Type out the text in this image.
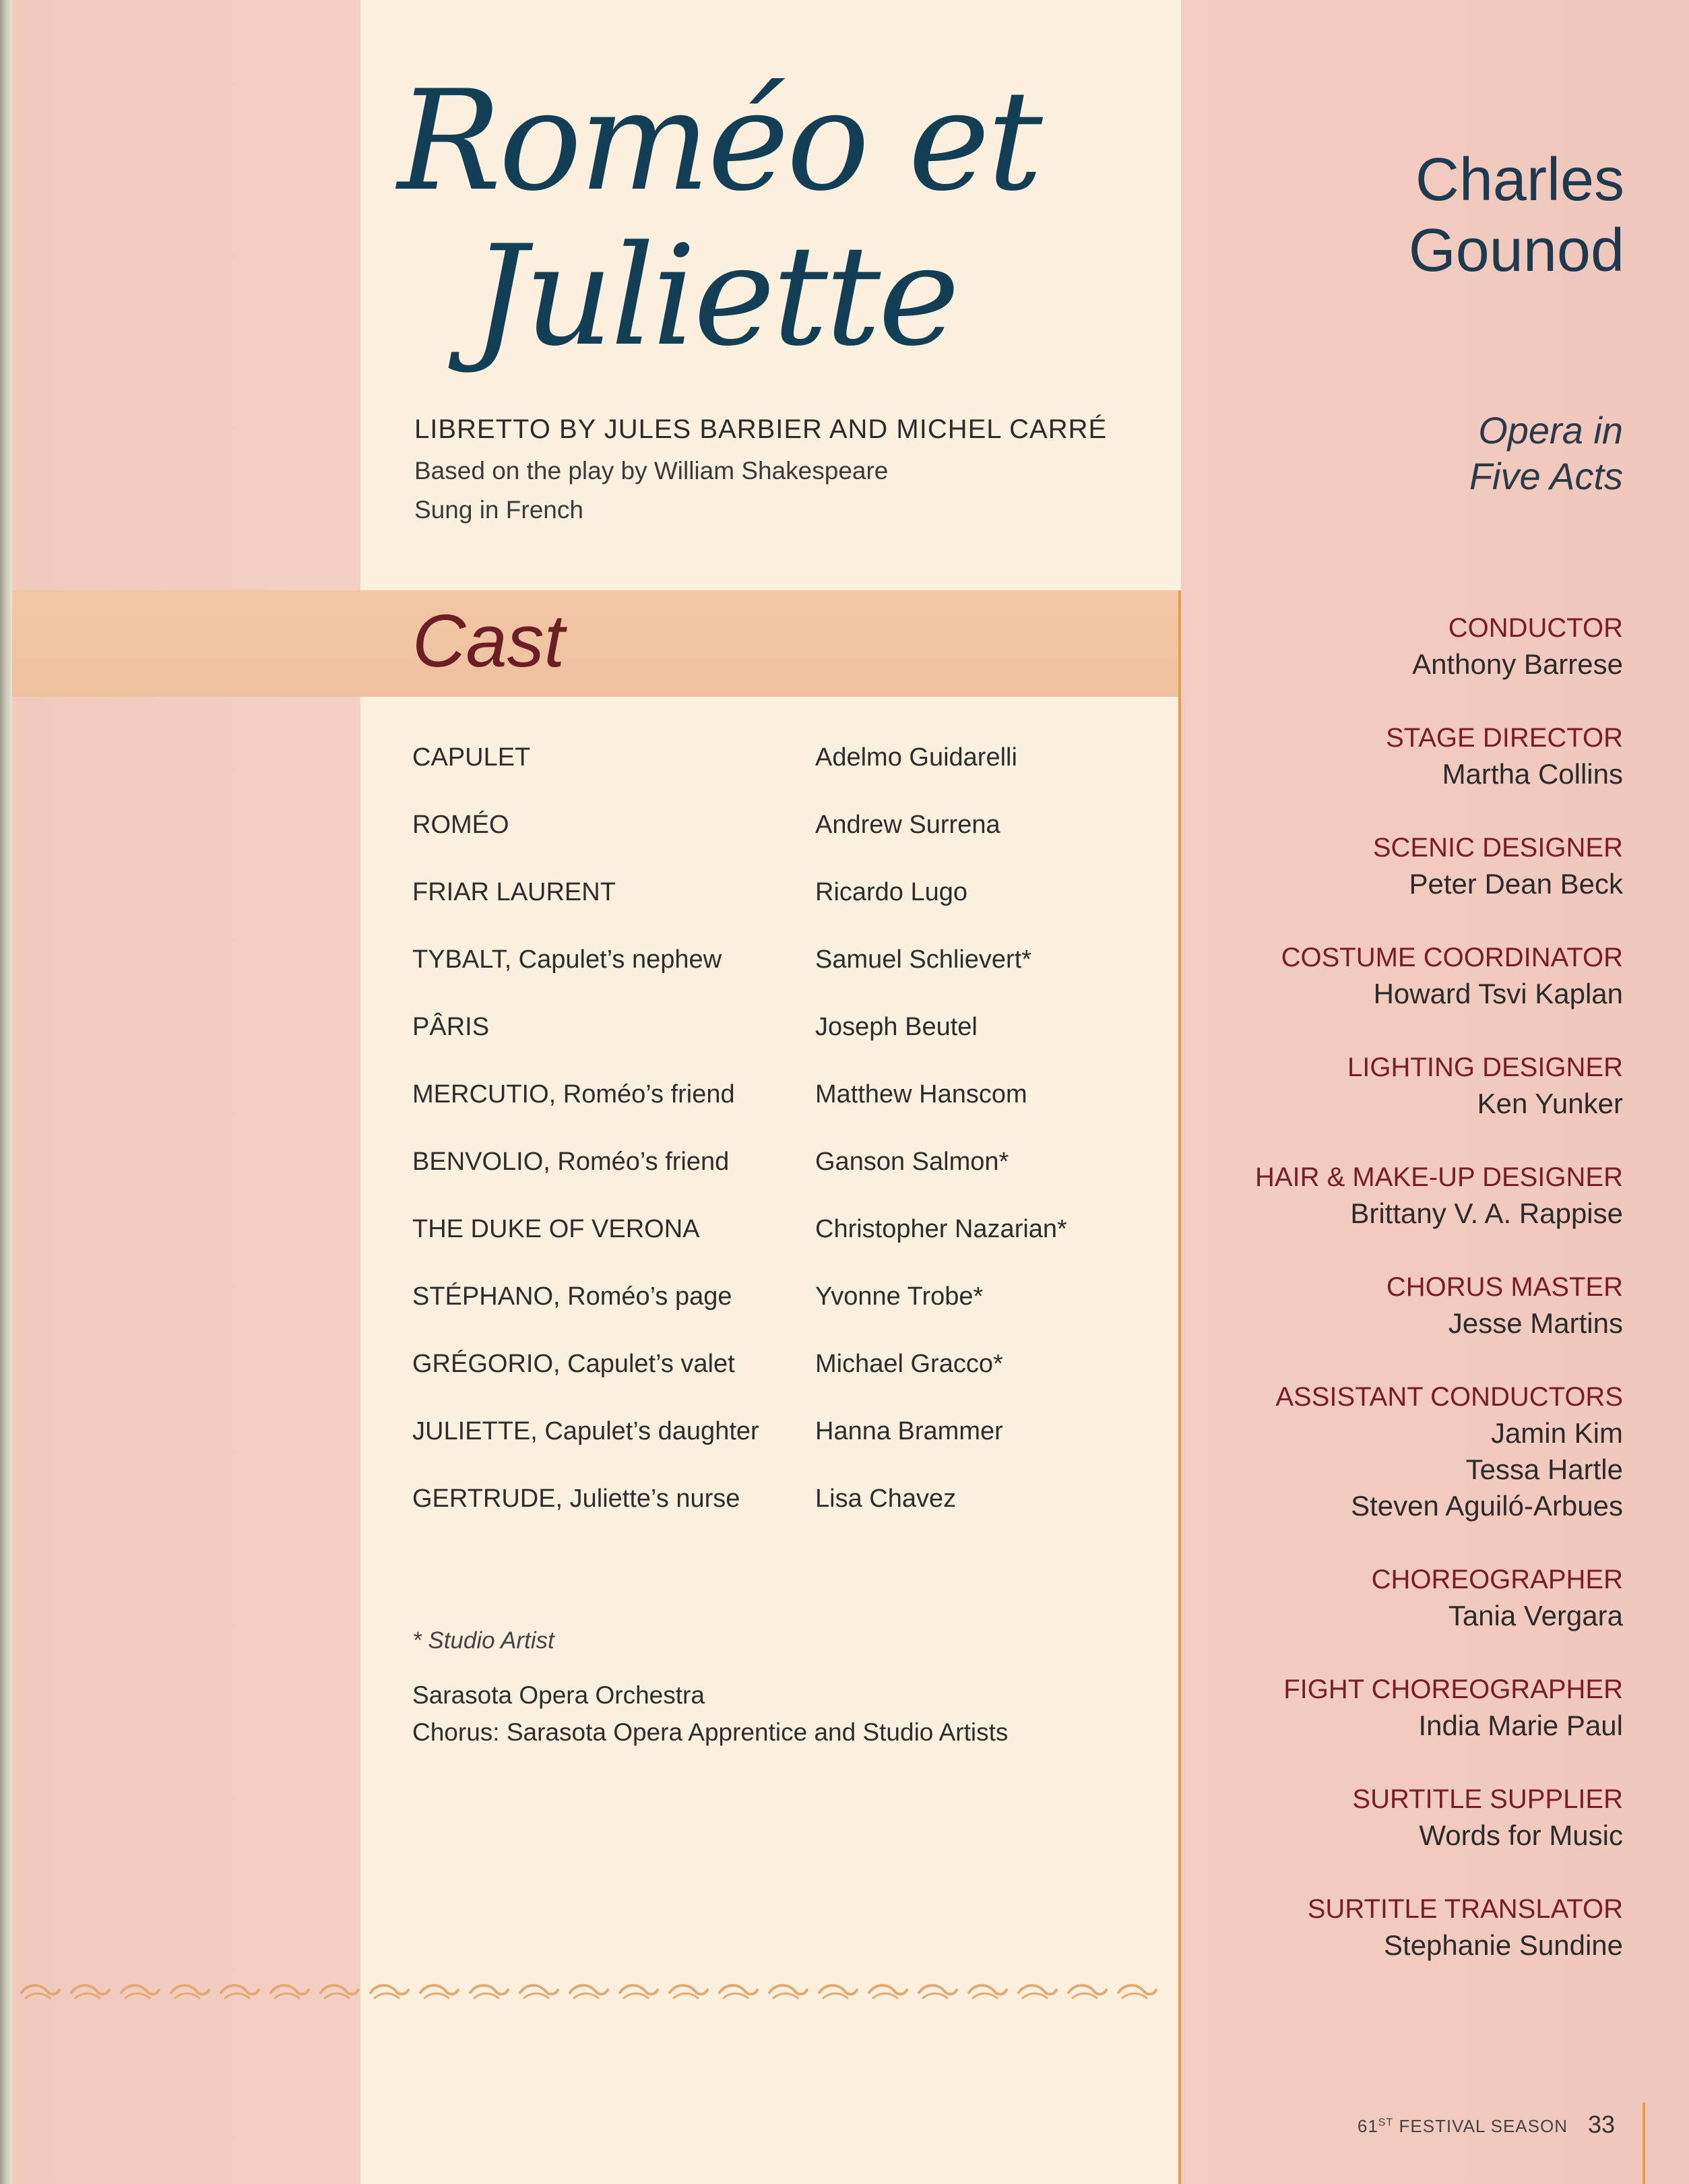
Roméo et
Juliette
LIBRETTO BY JULES BARBIER AND MICHEL CARRÉ
Based on the play by William Shakespeare
Sung in French
Cast
CAPULET	Adelmo Guidarelli
ROMÉO	Andrew Surrena
FRIAR LAURENT	Ricardo Lugo
TYBALT, Capulet’s nephew	Samuel Schlievert*
PÂRIS	Joseph Beutel
MERCUTIO, Roméo’s friend	Matthew Hanscom
BENVOLIO, Roméo’s friend	Ganson Salmon*
THE DUKE OF VERONA	Christopher Nazarian*
STÉPHANO, Roméo’s page	Yvonne Trobe*
GRÉGORIO, Capulet’s valet	Michael Gracco*
JULIETTE, Capulet’s daughter Hanna Brammer
GERTRUDE, Juliette’s nurse	Lisa Chavez
* Studio Artist
Sarasota Opera Orchestra
Chorus: Sarasota Opera Apprentice and Studio Artists
Charles
Gounod
Opera in
Five Acts
CONDUCTOR
Anthony Barrese
STAGE DIRECTOR
Martha Collins
SCENIC DESIGNER
Peter Dean Beck
COSTUME COORDINATOR
Howard Tsvi Kaplan
LIGHTING DESIGNER
Ken Yunker
HAIR & MAKE-UP DESIGNER
Brittany V. A. Rappise
CHORUS MASTER
Jesse Martins
ASSISTANT CONDUCTORS
Jamin Kim
Tessa Hartle
Steven Aguiló-Arbues
CHOREOGRAPHER
Tania Vergara
FIGHT CHOREOGRAPHER
India Marie Paul
SURTITLE SUPPLIER
Words for Music
SURTITLE TRANSLATOR
Stephanie Sundine
61ST FESTIVAL SEASON 33
